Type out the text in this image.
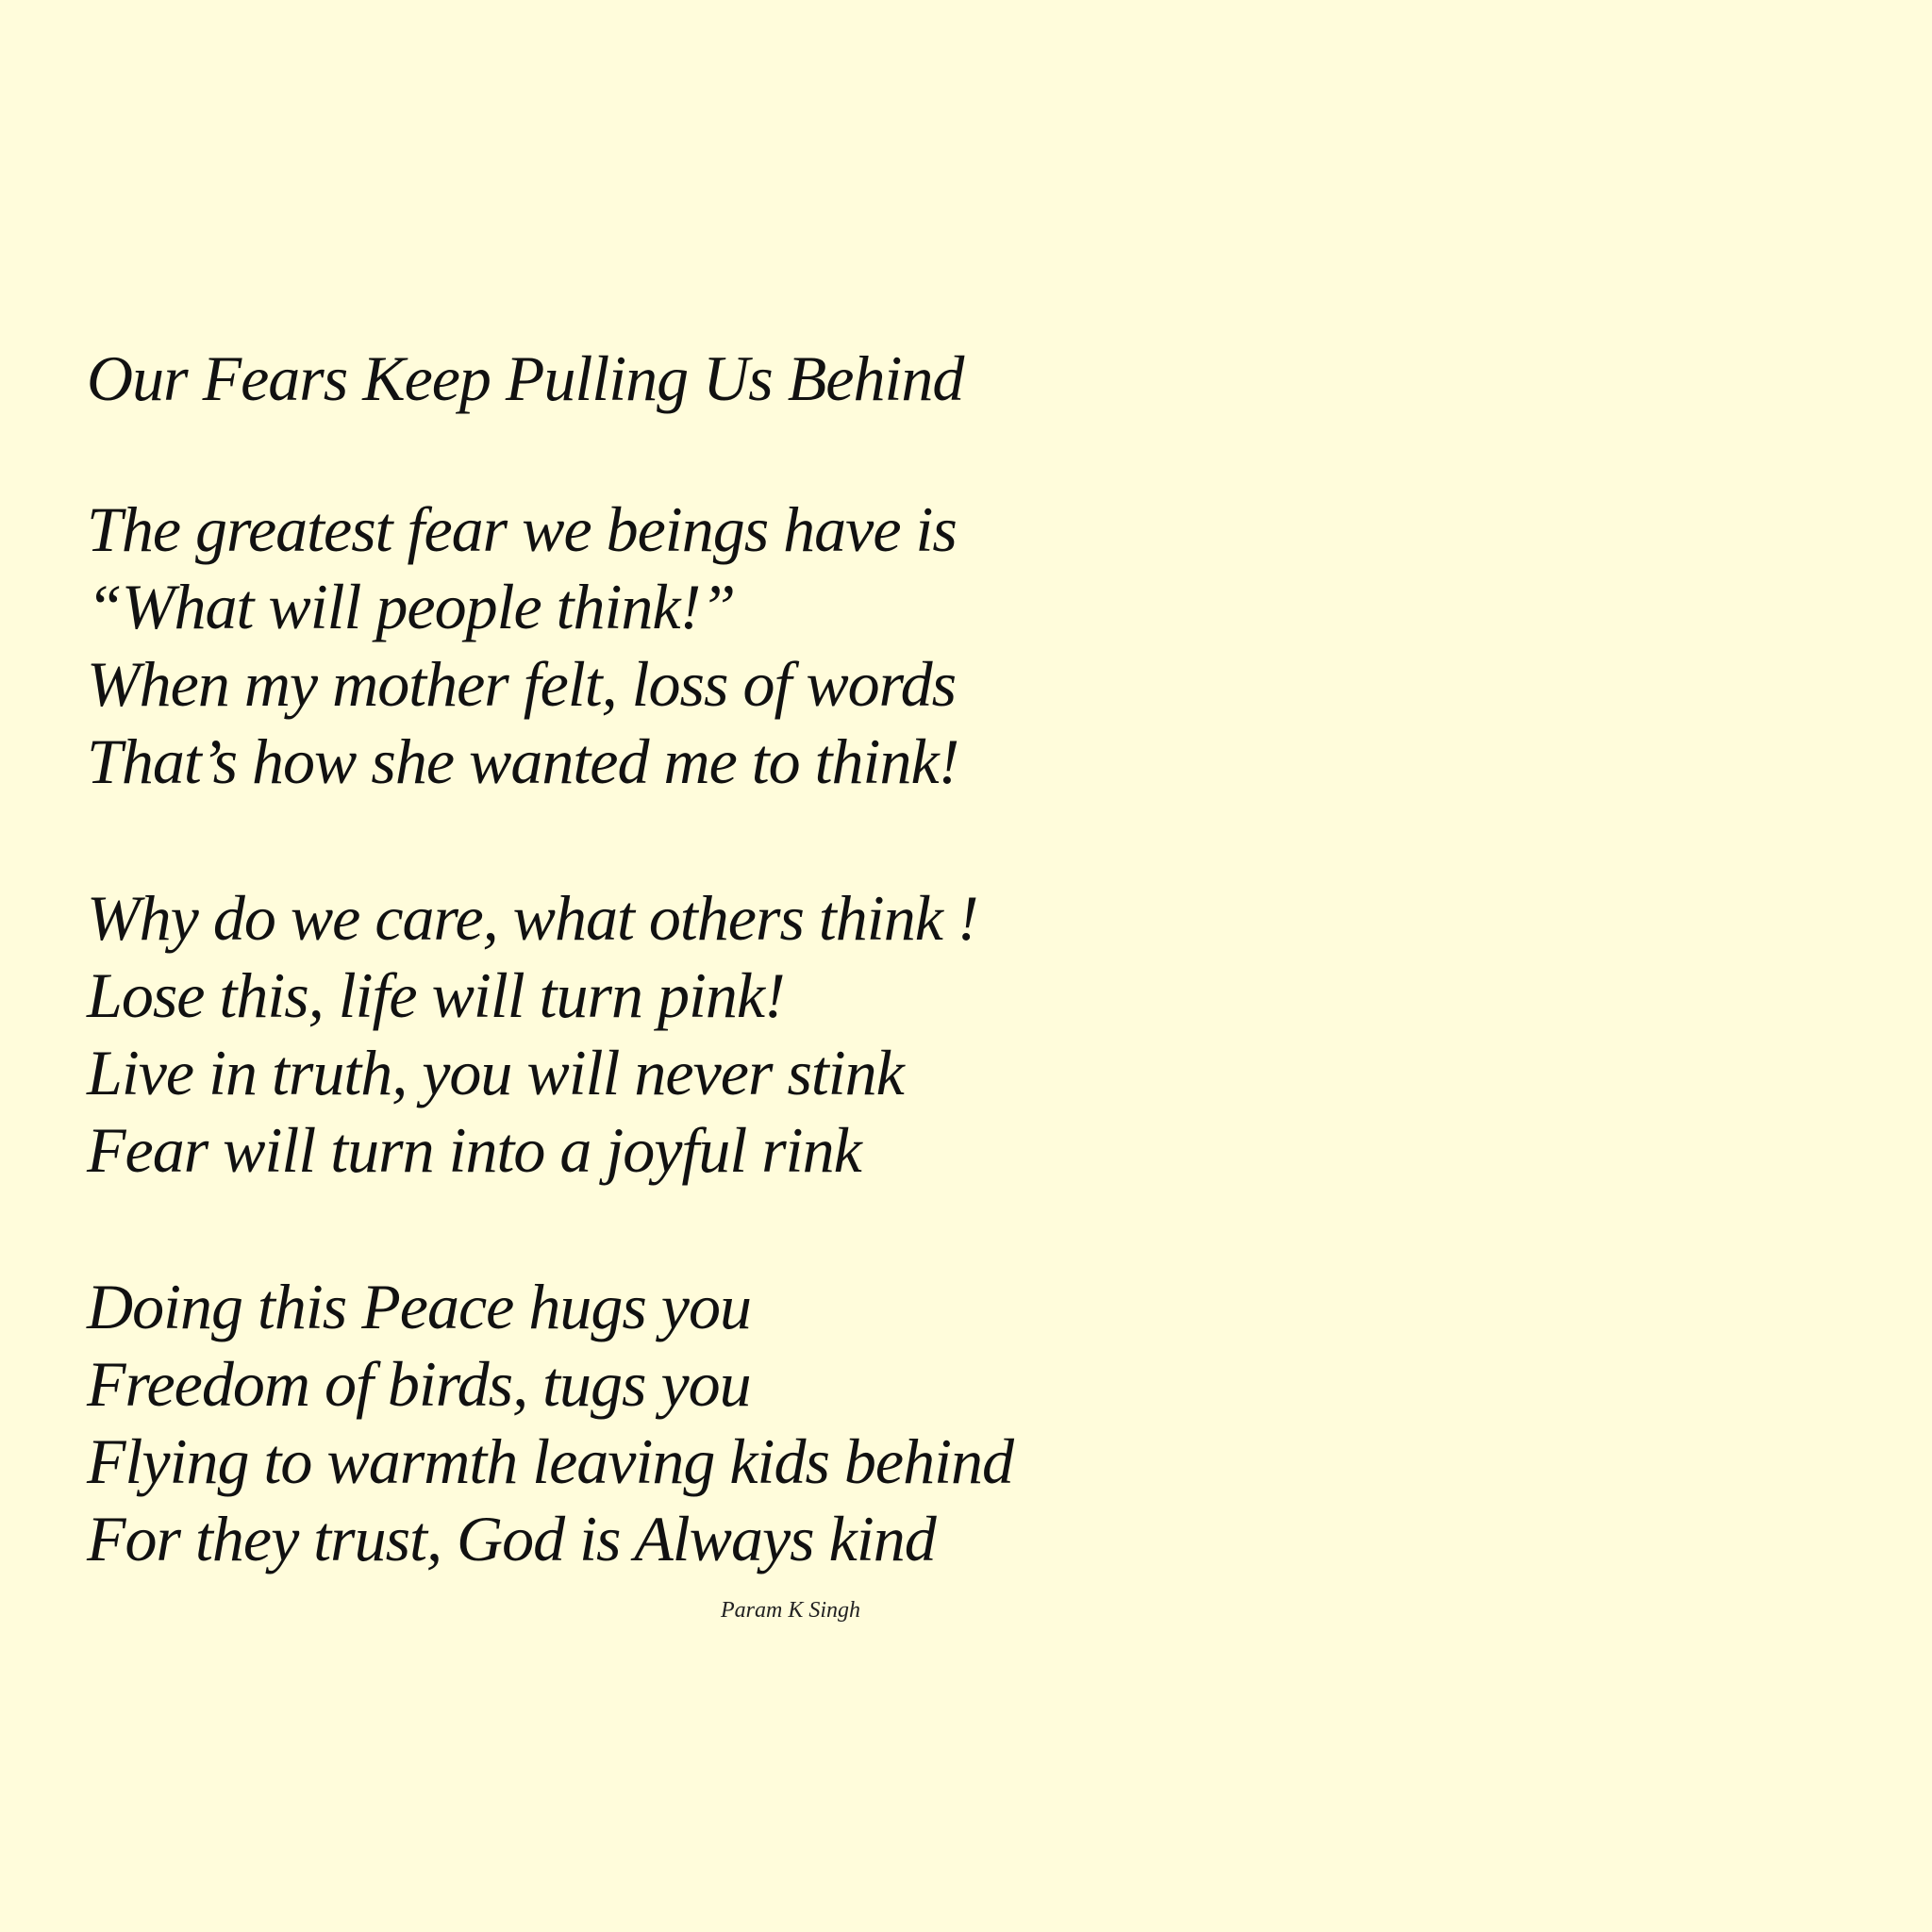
Our Fears Keep Pulling Us Behind
The greatest fear we beings have is
“What will people think!”
When my mother felt, loss of words
That’s how she wanted me to think!
Why do we care, what others think !
Lose this, life will turn pink!
Live in truth, you will never stink
Fear will turn into a joyful rink
Doing this Peace hugs you
Freedom of birds, tugs you
Flying to warmth leaving kids behind
For they trust, God is Always kind
Param K Singh
